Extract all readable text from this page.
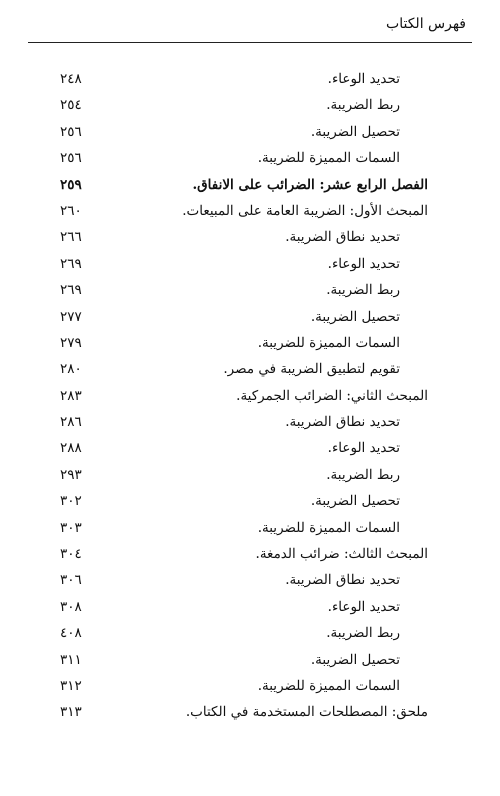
فهرس الكتاب
تحديد الوعاء.
٢٤٨
ربط الضريبة.
٢٥٤
تحصيل الضريبة.
٢٥٦
السمات المميزة للضريبة.
٢٥٦
الفصل الرابع عشر: الضرائب على الانفاق.
٢٥٩
المبحث الأول: الضريبة العامة على المبيعات.
٢٦٠
تحديد نطاق الضريبة.
٢٦٦
تحديد الوعاء.
٢٦٩
ربط الضريبة.
٢٦٩
تحصيل الضريبة.
٢٧٧
السمات المميزة للضريبة.
٢٧٩
تقويم لتطبيق الضريبة في مصر.
٢٨٠
المبحث الثاني: الضرائب الجمركية.
٢٨٣
تحديد نطاق الضريبة.
٢٨٦
تحديد الوعاء.
٢٨٨
ربط الضريبة.
٢٩٣
تحصيل الضريبة.
٣٠٢
السمات المميزة للضريبة.
٣٠٣
المبحث الثالث: ضرائب الدمغة.
٣٠٤
تحديد نطاق الضريبة.
٣٠٦
تحديد الوعاء.
٣٠٨
ربط الضريبة.
٤٠٨
تحصيل الضريبة.
٣١١
السمات المميزة للضريبة.
٣١٢
ملحق: المصطلحات المستخدمة في الكتاب.
٣١٣
